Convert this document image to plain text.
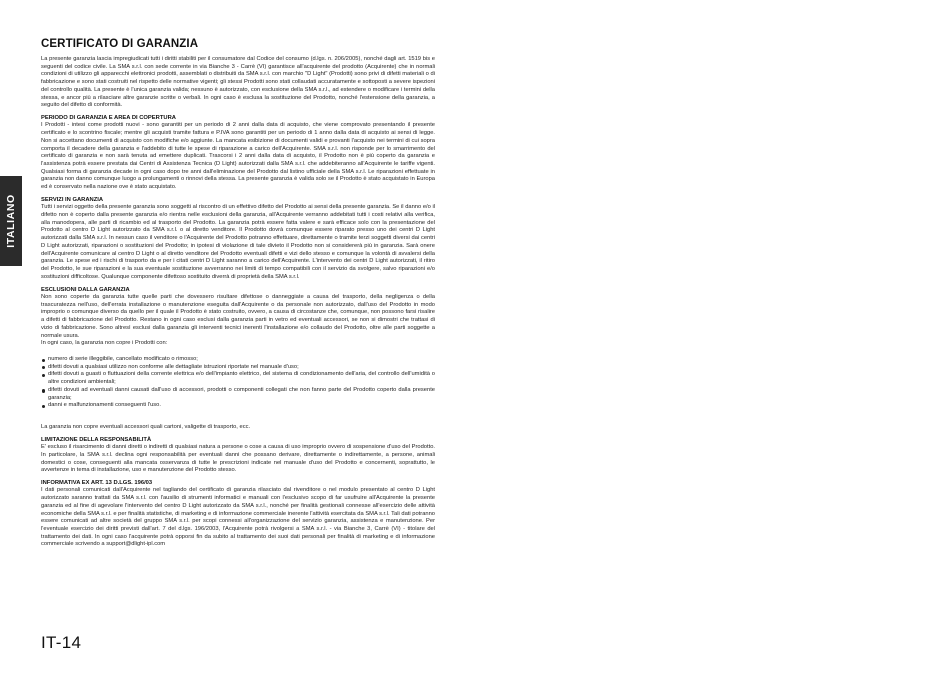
ITALIANO
CERTIFICATO DI GARANZIA

La presente garanzia lascia impregiudicati tutti i diritti stabiliti per il consumatore dal Codice del consumo (d.lgs. n. 206/2005), nonché dagli art. 1519 bis e seguenti del codice civile. La SMA s.r.l. con sede corrente in via Bianche 3 - Carrè (VI) garantisce all'acquirente del prodotto (Acquirente) che in normali condizioni di utilizzo gli apparecchi elettronici prodotti, assemblati o distribuiti da SMA s.r.l. con marchio "D Light" (Prodotti) sono privi di difetti materiali o di fabbricazione e sono stati costruiti nel rispetto delle normative vigenti; gli stessi Prodotti sono stati collaudati accuratamente e sottoposti a severe ispezioni del controllo qualità. La presente è l'unica garanzia valida; nessuno è autorizzato, con esclusione della SMA s.r.l., ad estendere o modificare i termini della stessa, e ancor più a rilasciare altre garanzie scritte o verbali. In ogni caso è esclusa la sostituzione del Prodotto, nonché l'estensione della garanzia, a seguito del difetto di conformità.

PERIODO DI GARANZIA E AREA DI COPERTURA

I Prodotti - intesi come prodotti nuovi - sono garantiti per un periodo di 2 anni dalla data di acquisto, che viene comprovato presentando il presente certificato e lo scontrino fiscale; mentre gli acquisti tramite fattura e P.IVA sono garantiti per un periodo di 1 anno dalla data di acquisto ai sensi di legge. Non si accettano documenti di acquisto con modifiche e/o aggiunte. La mancata esibizione di documenti validi e provanti l'acquisto nei termini di cui sopra comporta il decadere della garanzia e l'addebito di tutte le spese di riparazione a carico dell'Acquirente. SMA s.r.l. non risponde per lo smarrimento del certificato di garanzia e non sarà tenuta ad emettere duplicati. Trascorsi i 2 anni dalla data di acquisto, il Prodotto non è più coperto da garanzia e l'assistenza potrà essere prestata dai Centri di Assistenza Tecnica (D Light) autorizzati dalla SMA s.r.l. che addebiteranno all'Acquirente le tariffe vigenti. Qualsiasi forma di garanzia decade in ogni caso dopo tre anni dall'eliminazione del Prodotto dal listino ufficiale della SMA s.r.l. Le riparazioni effettuate in garanzia non danno comunque luogo a prolungamenti o rinnovi della stessa. La presente garanzia è valida solo se il Prodotto è stato acquistato in Europa ed è conservato nella nazione ove è stato acquistato.

SERVIZI IN GARANZIA

Tutti i servizi oggetto della presente garanzia sono soggetti al riscontro di un effettivo difetto del Prodotto ai sensi della presente garanzia. Se il danno e/o il difetto non è coperto dalla presente garanzia e/o rientra nelle esclusioni della garanzia, all'Acquirente verranno addebitati tutti i costi relativi alla verifica, alla manodopera, alle parti di ricambio ed al trasporto del Prodotto. La garanzia potrà essere fatta valere e sarà efficace solo con la presentazione del Prodotto al centro D Light autorizzato da SMA s.r.l. o al diretto venditore. Il Prodotto dovrà comunque essere riparato presso uno dei centri D Light autorizzati dalla SMA s.r.l. In nessun caso il venditore o l'Acquirente del Prodotto potranno effettuare, direttamente o tramite terzi soggetti diversi dai centri D Light autorizzati, riparazioni o sostituzioni del Prodotto; in ipotesi di violazione di tale divieto il Prodotto non si considererà più in garanzia. Sarà onere dell'Acquirente comunicare al centro D Light o al diretto venditore del Prodotto eventuali difetti e vizi dello stesso e comunque la volontà di avvalersi della garanzia. Le spese ed i rischi di trasporto da e per i citati centri D Light saranno a carico dell'Acquirente. L'intervento dei centri D Light autorizzati, il ritiro del Prodotto, le sue riparazioni e la sua eventuale sostituzione avverranno nei limiti di tempo compatibili con il servizio da svolgere, salvo riparazioni e/o sostituzioni difficoltose. Qualunque componente difettoso sostituito diverrà di proprietà della SMA s.r.l.

ESCLUSIONI DALLA GARANZIA

Non sono coperte da garanzia tutte quelle parti che dovessero risultare difettose o danneggiate a causa del trasporto, della negligenza o della trascuratezza nell'uso, dell'errata installazione o manutenzione eseguita dall'Acquirente o da personale non autorizzato, dall'uso del Prodotto in modo improprio o comunque diverso da quello per il quale il Prodotto è stato costruito, ovvero, a causa di circostanze che, comunque, non possono farsi risalire a difetti di fabbricazione del Prodotto. Restano in ogni caso esclusi dalla garanzia parti in vetro ed eventuali accessori, se non si dimostri che trattasi di vizio di fabbricazione. Sono altresì esclusi dalla garanzia gli interventi tecnici inerenti l'installazione e/o collaudo del Prodotto, oltre alle parti soggette a normale usura.

In ogni caso, la garanzia non copre i Prodotti con:

numero di serie illeggibile, cancellato modificato o rimosso;
difetti dovuti a qualsiasi utilizzo non conforme alle dettagliate istruzioni riportate nel manuale d'uso;
difetti dovuti a guasti o fluttuazioni della corrente elettrica e/o dell'impianto elettrico, del sistema di condizionamento dell'aria, del controllo dell'umidità o altre condizioni ambientali;
difetti dovuti ad eventuali danni causati dall'uso di accessori, prodotti o componenti collegati che non fanno parte del Prodotto coperto dalla presente garanzia;
danni e malfunzionamenti conseguenti l'uso.

La garanzia non copre eventuali accessori quali cartoni, valigette di trasporto, ecc.

LIMITAZIONE DELLA RESPONSABILITÀ

E' escluso il risarcimento di danni diretti o indiretti di qualsiasi natura a persone o cose a causa di uso improprio ovvero di sospensione d'uso del Prodotto. In particolare, la SMA s.r.l. declina ogni responsabilità per eventuali danni che possano derivare, direttamente o indirettamente, a persone, animali domestici o cose, conseguenti alla mancata osservanza di tutte le prescrizioni indicate nel manuale d'uso del Prodotto e concernenti, soprattutto, le avvertenze in tema di installazione, uso e manutenzione del Prodotto stesso.

INFORMATIVA EX ART. 13 D.LGS. 196/03

I dati personali comunicati dall'Acquirente nel tagliando del certificato di garanzia rilasciato dal rivenditore o nel modulo presentato al centro D Light autorizzato saranno trattati da SMA s.r.l. con l'ausilio di strumenti informatici e manuali con l'esclusivo scopo di far usufruire all'Acquirente la presente garanzia ed al fine di agevolare l'intervento del centro D Light autorizzato da SMA s.r.l., nonché per finalità gestionali connesse all'esercizio delle attività economiche della SMA s.r.l. e per finalità statistiche, di marketing e di informazione commerciale inerente l'attività esercitata da SMA s.r.l. Tali dati potranno essere comunicati ad altre società del gruppo SMA s.r.l. per scopi connessi all'organizzazione del servizio garanzia, assistenza e manutenzione. Per l'eventuale esercizio dei diritti previsti dall'art. 7 del d.lgs. 196/2003, l'Acquirente potrà rivolgersi a SMA s.r.l. - via Bianche 3, Carrè (VI) - titolare del trattamento dei dati. In ogni caso l'acquirente potrà opporsi fin da subito al trattamento dei suoi dati personali per finalità di marketing e di informazione commerciale scrivendo a support@dlight-ipl.com

IT-14
